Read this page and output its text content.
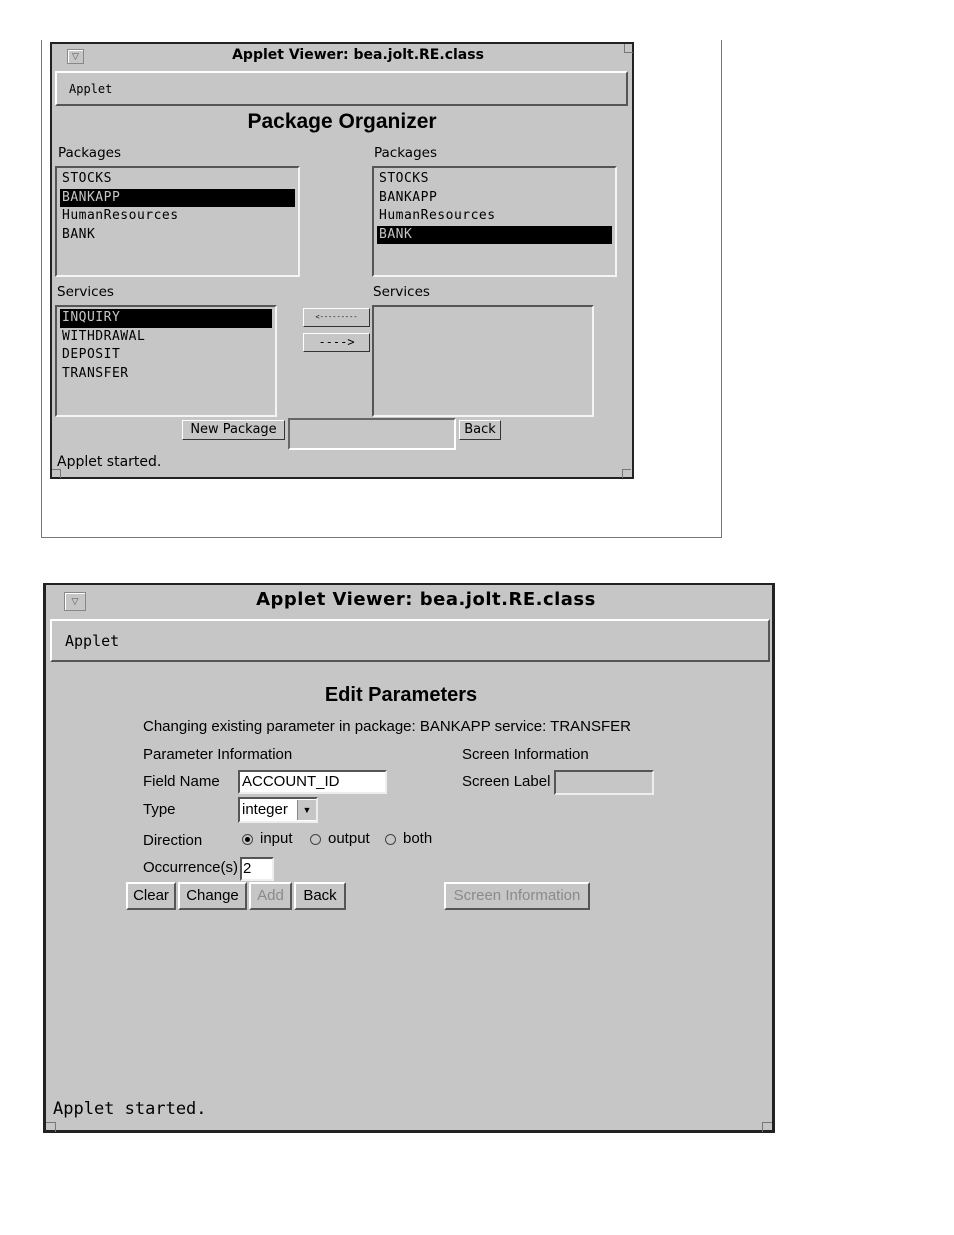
▽	Applet Viewer: bea.jolt.RE.class
Applet
Package Organizer
Packages	Packages
STOCKS
BANKAPP
HumanResources
BANK
STOCKS
BANKAPP
HumanResources
BANK
Services	Services
INQUIRY
WITHDRAWAL
DEPOSIT
TRANSFER
<---------
---->
New Package	Back
Applet started.
▽	Applet Viewer: bea.jolt.RE.class
Applet
Edit Parameters
Changing existing parameter in package: BANKAPP service: TRANSFER
Parameter Information	Screen Information
Field Name ACCOUNT_ID	Screen Label
Type	integer	▼
Direction	input output both
Occurrence(s) 2
Clear	Change	Add	Back	Screen Information
Applet started.
